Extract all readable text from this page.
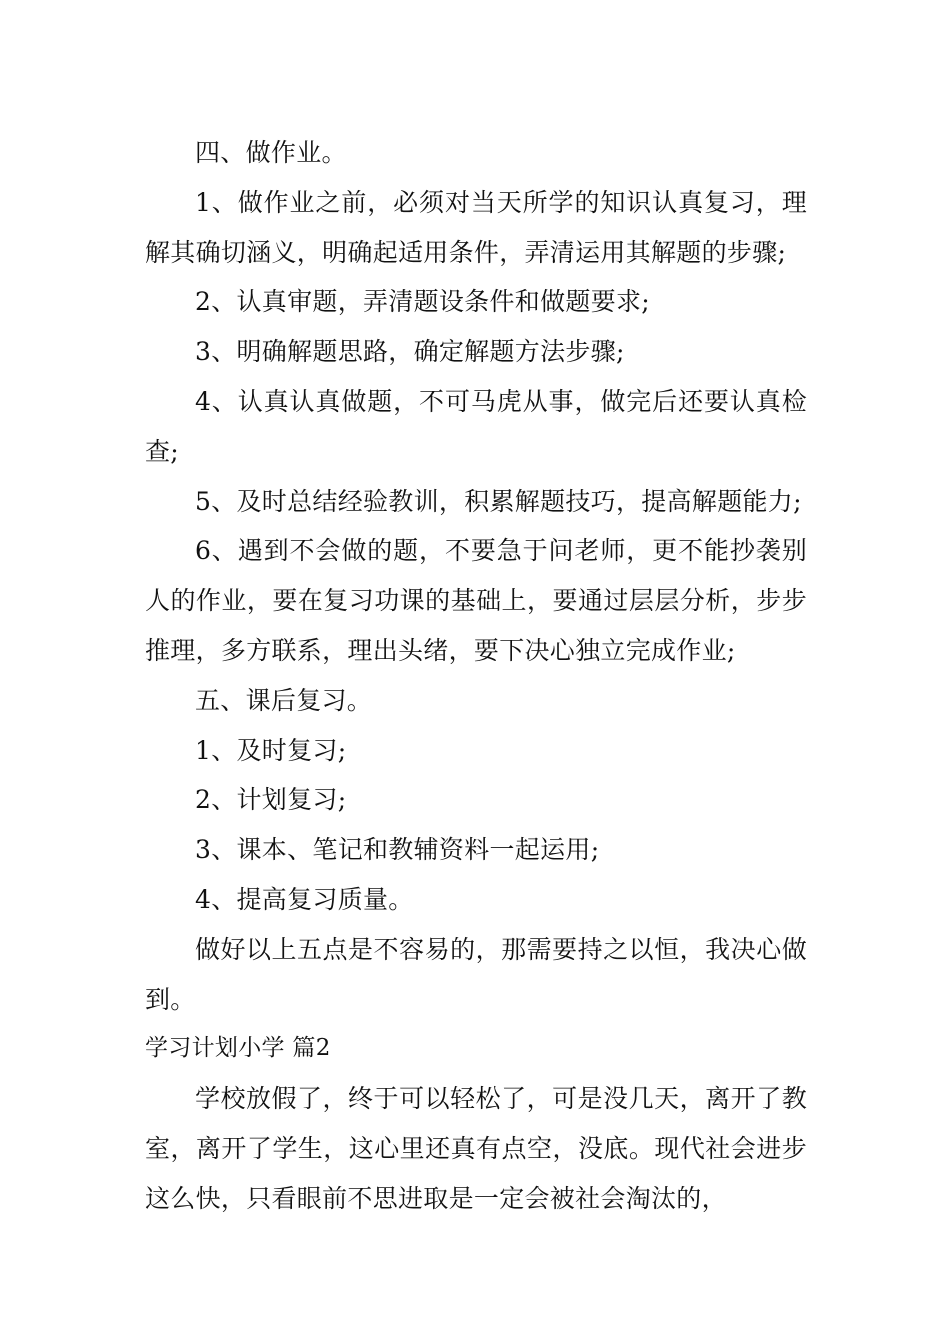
四、做作业。

1、做作业之前，必须对当天所学的知识认真复习，理解其确切涵义，明确起适用条件，弄清运用其解题的步骤;

2、认真审题，弄清题设条件和做题要求;

3、明确解题思路，确定解题方法步骤;

4、认真认真做题，不可马虎从事，做完后还要认真检查;

5、及时总结经验教训，积累解题技巧，提高解题能力;

6、遇到不会做的题，不要急于问老师，更不能抄袭别人的作业，要在复习功课的基础上，要通过层层分析，步步推理，多方联系，理出头绪，要下决心独立完成作业;

五、课后复习。

1、及时复习;

2、计划复习;

3、课本、笔记和教辅资料一起运用;

4、提高复习质量。

做好以上五点是不容易的，那需要持之以恒，我决心做到。

学习计划小学 篇2

学校放假了，终于可以轻松了，可是没几天，离开了教室，离开了学生，这心里还真有点空，没底。现代社会进步这么快，只看眼前不思进取是一定会被社会淘汰的，
